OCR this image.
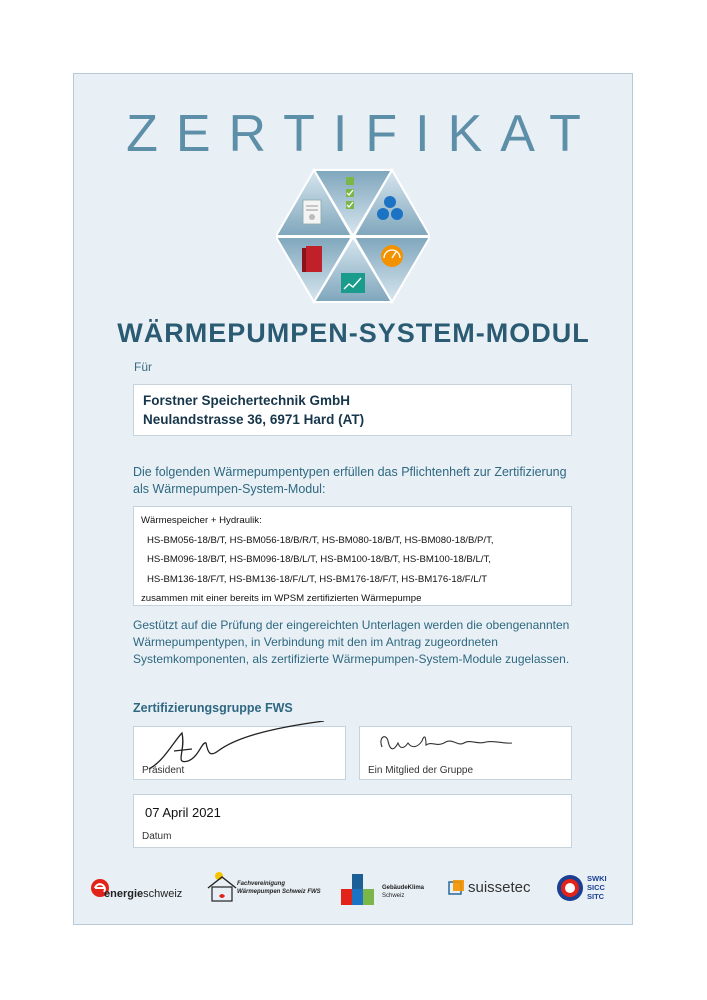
ZERTIFIKAT
WÄRMEPUMPEN-SYSTEM-MODUL
Für
Forstner Speichertechnik GmbH
Neulandstrasse 36, 6971 Hard (AT)
Die folgenden Wärmepumpentypen erfüllen das Pflichtenheft zur Zertifizierung als Wärmepumpen-System-Modul:
Wärmespeicher + Hydraulik:
HS-BM056-18/B/T, HS-BM056-18/B/R/T, HS-BM080-18/B/T, HS-BM080-18/B/P/T,
HS-BM096-18/B/T, HS-BM096-18/B/L/T, HS-BM100-18/B/T, HS-BM100-18/B/L/T,
HS-BM136-18/F/T, HS-BM136-18/F/L/T, HS-BM176-18/F/T, HS-BM176-18/F/L/T
zusammen mit einer bereits im WPSM zertifizierten Wärmepumpe
Gestützt auf die Prüfung der eingereichten Unterlagen werden die obengenannten Wärmepumpentypen, in Verbindung mit den im Antrag zugeordneten Systemkomponenten, als zertifizierte Wärmepumpen-System-Module zugelassen.
Zertifizierungsgruppe FWS
Präsident	Ein Mitglied der Gruppe
07 April 2021
Datum
energieschweiz
Fachvereinigung
Wärmepumpen Schweiz FWS
GebäudeKlima
Schweiz	suissetec
SWKI
SICC
SITC
